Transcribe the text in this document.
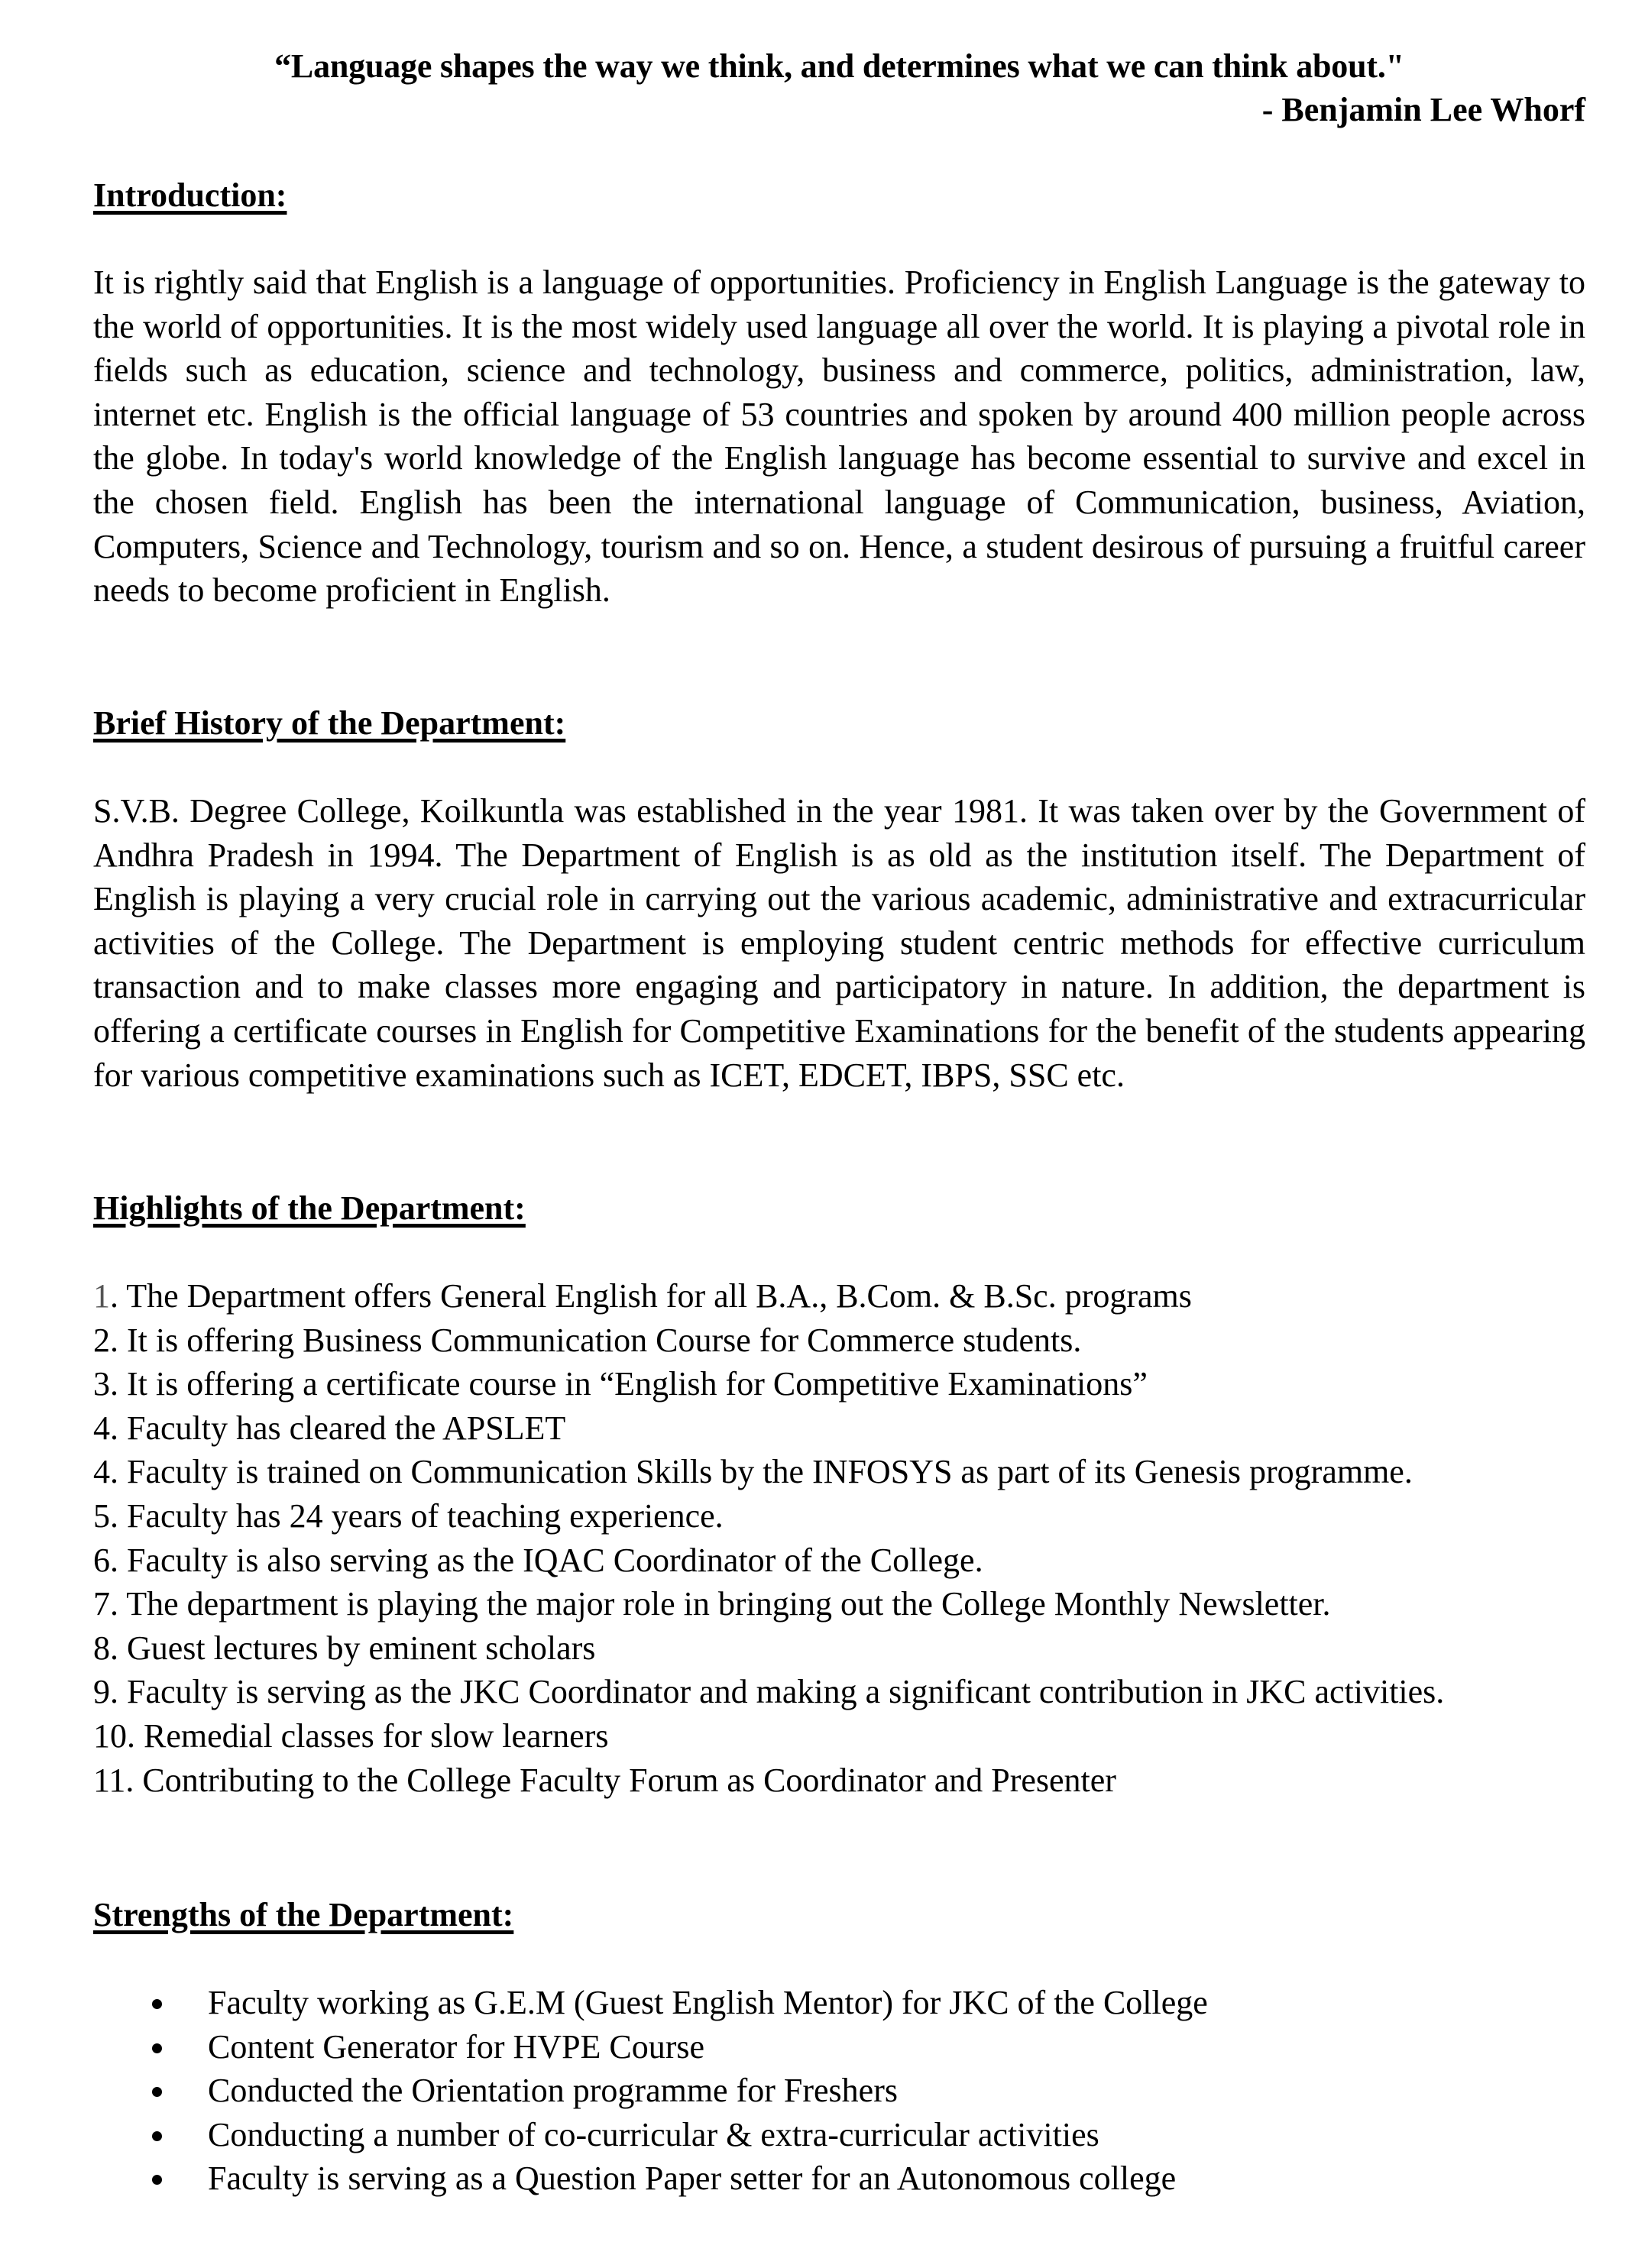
“Language shapes the way we think, and determines what we can think about."
- Benjamin Lee Whorf
Introduction:

It is rightly said that English is a language of opportunities. Proficiency in English Language is the gateway to the world of opportunities. It is the most widely used language all over the world. It is playing a pivotal role in fields such as education, science and technology, business and commerce, politics, administration, law, internet etc. English is the official language of 53 countries and spoken by around 400 million people across the globe. In today's world knowledge of the English language has become essential to survive and excel in the chosen field. English has been the international language of Communication, business, Aviation, Computers, Science and Technology, tourism and so on. Hence, a student desirous of pursuing a fruitful career needs to become proficient in English.

Brief History of the Department:

S.V.B. Degree College, Koilkuntla was established in the year 1981. It was taken over by the Government of Andhra Pradesh in 1994. The Department of English is as old as the institution itself. The Department of English is playing a very crucial role in carrying out the various academic, administrative and extracurricular activities of the College. The Department is employing student centric methods for effective curriculum transaction and to make classes more engaging and participatory in nature. In addition, the department is offering a certificate courses in English for Competitive Examinations for the benefit of the students appearing for various competitive examinations such as ICET, EDCET, IBPS, SSC etc.

Highlights of the Department:
1. The Department offers General English for all B.A., B.Com. & B.Sc. programs
2. It is offering Business Communication Course for Commerce students.
3. It is offering a certificate course in “English for Competitive Examinations”
4. Faculty has cleared the APSLET
4. Faculty is trained on Communication Skills by the INFOSYS as part of its Genesis programme.
5. Faculty has 24 years of teaching experience.
6. Faculty is also serving as the IQAC Coordinator of the College.
7. The department is playing the major role in bringing out the College Monthly Newsletter.
8. Guest lectures by eminent scholars
9. Faculty is serving as the JKC Coordinator and making a significant contribution in JKC activities.
10. Remedial classes for slow learners
11. Contributing to the College Faculty Forum as Coordinator and Presenter
Strengths of the Department:
Faculty working as G.E.M (Guest English Mentor) for JKC of the College
Content Generator for HVPE Course
Conducted the Orientation programme for Freshers
Conducting a number of co-curricular & extra-curricular activities
Faculty is serving as a Question Paper setter for an Autonomous college
